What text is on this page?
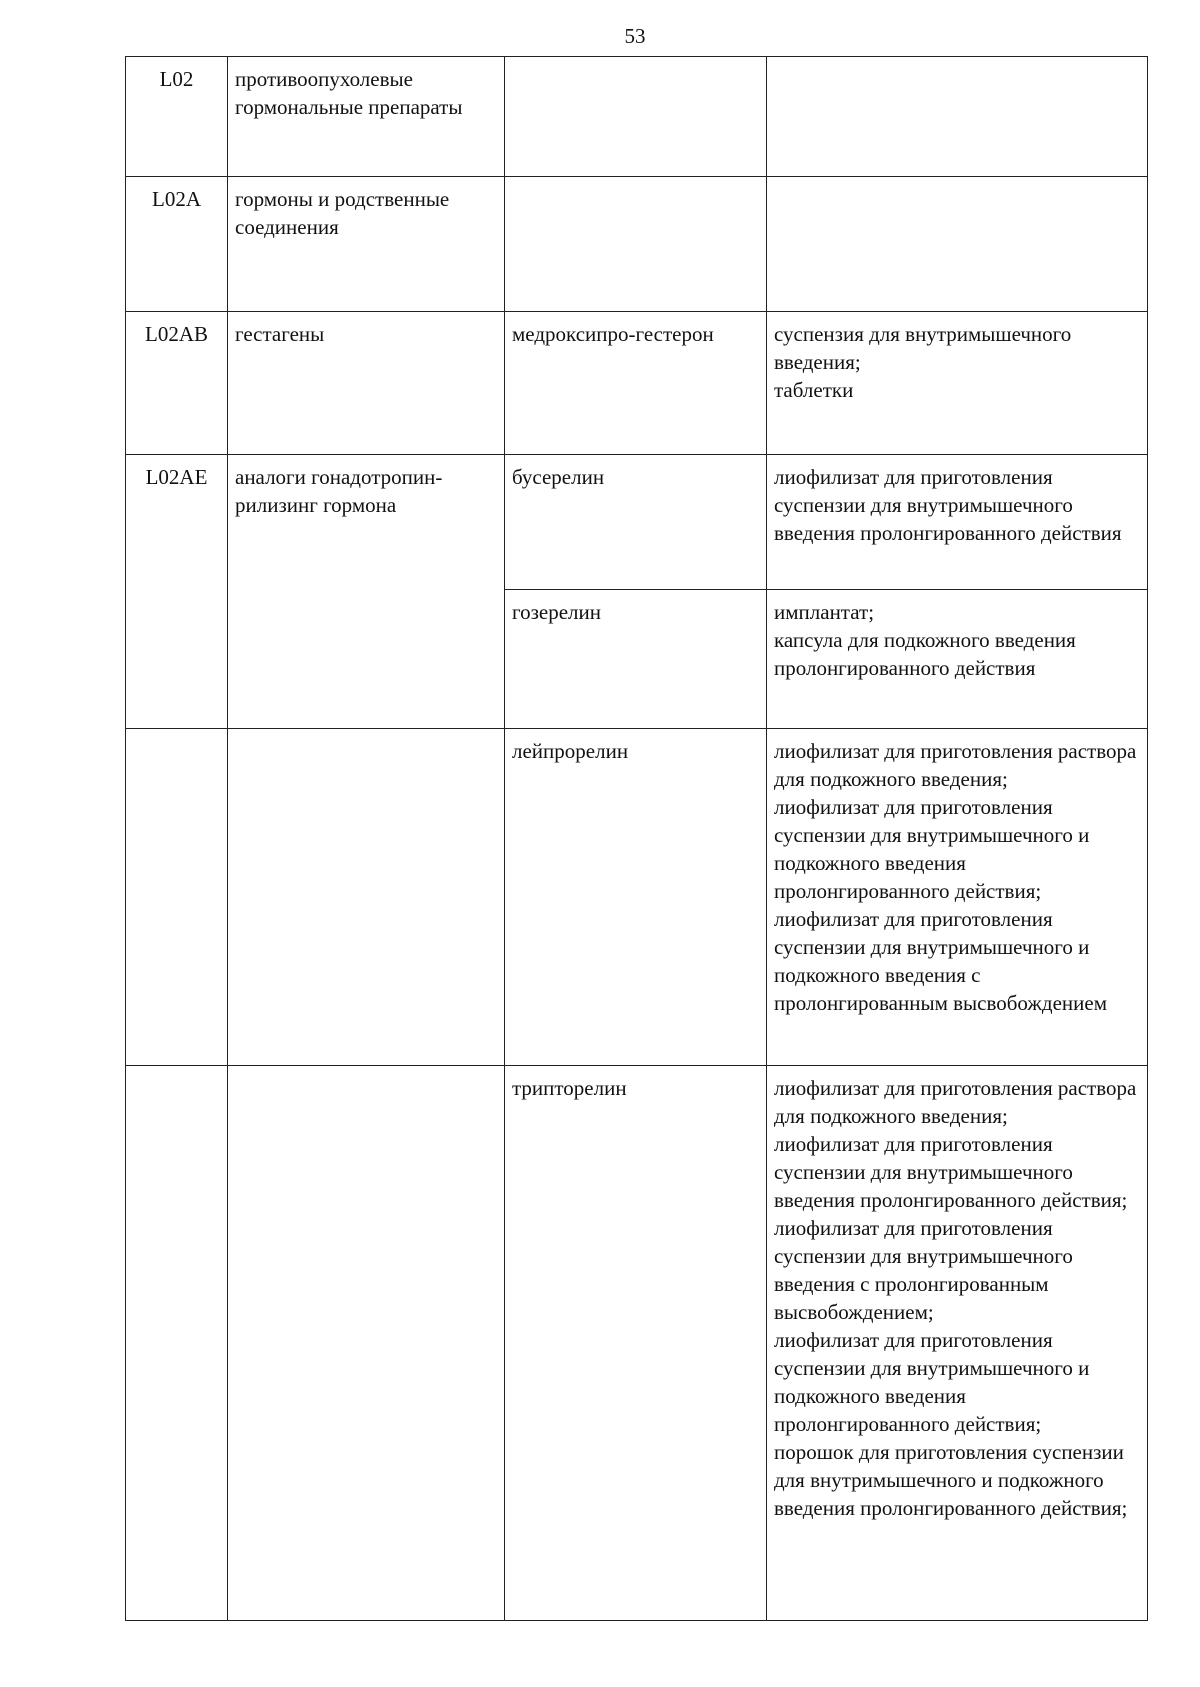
53
L02	противоопухолевые гормональные препараты		
L02A	гормоны и родственные соединения		
L02AB	гестагены	медроксипро-гестерон	суспензия для внутримышечного введения;
таблетки
L02AE	аналоги гонадотропин-рилизинг гормона	бусерелин	лиофилизат для приготовления суспензии для внутримышечного введения пролонгированного действия
		гозерелин	имплантат;
капсула для подкожного введения пролонгированного действия
		лейпрорелин	лиофилизат для приготовления раствора для подкожного введения;
лиофилизат для приготовления суспензии для внутримышечного и подкожного введения пролонгированного действия;
лиофилизат для приготовления суспензии для внутримышечного и подкожного введения с пролонгированным высвобождением
		трипторелин	лиофилизат для приготовления раствора для подкожного введения;
лиофилизат для приготовления суспензии для внутримышечного введения пролонгированного действия;
лиофилизат для приготовления суспензии для внутримышечного введения с пролонгированным высвобождением;
лиофилизат для приготовления суспензии для внутримышечного и подкожного введения пролонгированного действия;
порошок для приготовления суспензии для внутримышечного и подкожного введения пролонгированного действия;
